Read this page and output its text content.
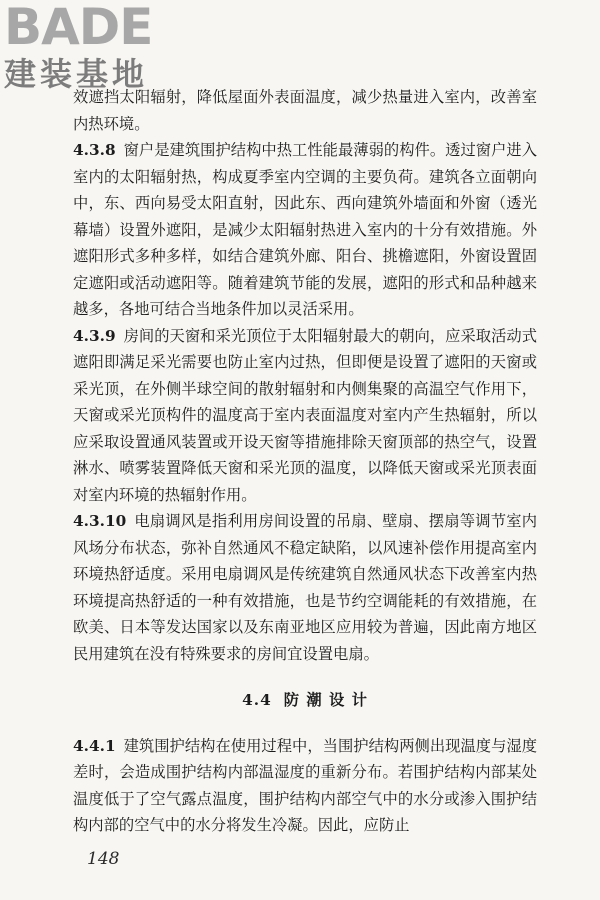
BADE
建装基地

效遮挡太阳辐射，降低屋面外表面温度，减少热量进入室内，改善室内热环境。

4.3.8 窗户是建筑围护结构中热工性能最薄弱的构件。透过窗户进入室内的太阳辐射热，构成夏季室内空调的主要负荷。建筑各立面朝向中，东、西向易受太阳直射，因此东、西向建筑外墙面和外窗（透光幕墙）设置外遮阳，是减少太阳辐射热进入室内的十分有效措施。外遮阳形式多种多样，如结合建筑外廊、阳台、挑檐遮阳，外窗设置固定遮阳或活动遮阳等。随着建筑节能的发展，遮阳的形式和品种越来越多，各地可结合当地条件加以灵活采用。

4.3.9 房间的天窗和采光顶位于太阳辐射最大的朝向，应采取活动式遮阳即满足采光需要也防止室内过热，但即便是设置了遮阳的天窗或采光顶，在外侧半球空间的散射辐射和内侧集聚的高温空气作用下，天窗或采光顶构件的温度高于室内表面温度对室内产生热辐射，所以应采取设置通风装置或开设天窗等措施排除天窗顶部的热空气，设置淋水、喷雾装置降低天窗和采光顶的温度，以降低天窗或采光顶表面对室内环境的热辐射作用。

4.3.10 电扇调风是指利用房间设置的吊扇、壁扇、摆扇等调节室内风场分布状态，弥补自然通风不稳定缺陷，以风速补偿作用提高室内环境热舒适度。采用电扇调风是传统建筑自然通风状态下改善室内热环境提高热舒适的一种有效措施，也是节约空调能耗的有效措施，在欧美、日本等发达国家以及东南亚地区应用较为普遍，因此南方地区民用建筑在没有特殊要求的房间宜设置电扇。

4.4 防 潮 设 计

4.4.1 建筑围护结构在使用过程中，当围护结构两侧出现温度与湿度差时，会造成围护结构内部温湿度的重新分布。若围护结构内部某处温度低于了空气露点温度，围护结构内部空气中的水分或渗入围护结构内部的空气中的水分将发生冷凝。因此，应防止

148
